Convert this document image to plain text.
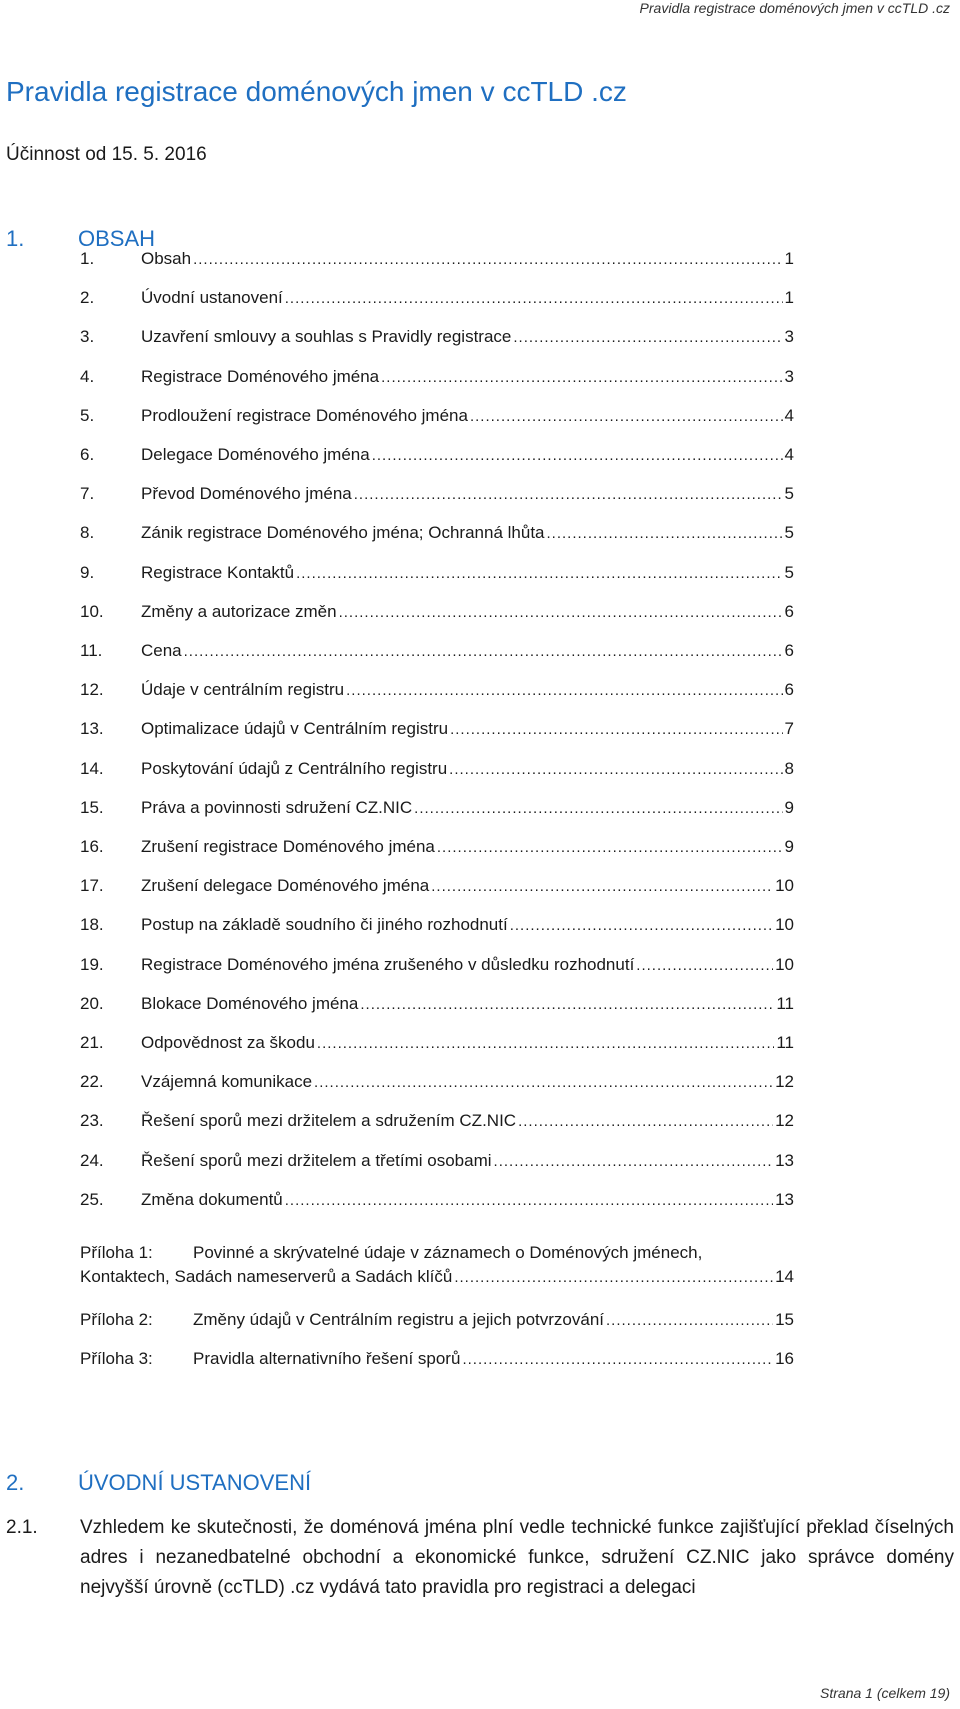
Pravidla registrace doménových jmen v ccTLD .cz
Pravidla registrace doménových jmen v ccTLD .cz
Účinnost od 15. 5. 2016
1. OBSAH
1.	Obsah .....	1
2.	Úvodní ustanovení .....	1
3.	Uzavření smlouvy a souhlas s Pravidly registrace .....	3
4.	Registrace Doménového jména .....	3
5.	Prodloužení registrace Doménového jména .....	4
6.	Delegace Doménového jména .....	4
7.	Převod Doménového jména .....	5
8.	Zánik registrace Doménového jména; Ochranná lhůta .....	5
9.	Registrace Kontaktů .....	5
10.	Změny a autorizace změn .....	6
11.	Cena .....	6
12.	Údaje v centrálním registru .....	6
13.	Optimalizace údajů v Centrálním registru .....	7
14.	Poskytování údajů z Centrálního registru .....	8
15.	Práva a povinnosti sdružení CZ.NIC .....	9
16.	Zrušení registrace Doménového jména .....	9
17.	Zrušení delegace Doménového jména .....	10
18.	Postup na základě soudního či jiného rozhodnutí .....	10
19.	Registrace Doménového jména zrušeného v důsledku rozhodnutí .....	10
20.	Blokace Doménového jména .....	11
21.	Odpovědnost za škodu .....	11
22.	Vzájemná komunikace .....	12
23.	Řešení sporů mezi držitelem a sdružením CZ.NIC .....	12
24.	Řešení sporů mezi držitelem a třetími osobami .....	13
25.	Změna dokumentů .....	13
Příloha 1:	Povinné a skrývatelné údaje v záznamech o Doménových jménech,
Kontaktech, Sadách nameserverů a Sadách klíčů .....	14
Příloha 2:	Změny údajů v Centrálním registru a jejich potvrzování .....	15
Příloha 3:	Pravidla alternativního řešení sporů .....	16
2. ÚVODNÍ USTANOVENÍ
2.1. Vzhledem ke skutečnosti, že doménová jména plní vedle technické funkce zajišťující překlad číselných adres i nezanedbatelné obchodní a ekonomické funkce, sdružení CZ.NIC jako správce domény nejvyšší úrovně (ccTLD) .cz vydává tato pravidla pro registraci a delegaci
Strana 1 (celkem 19)
